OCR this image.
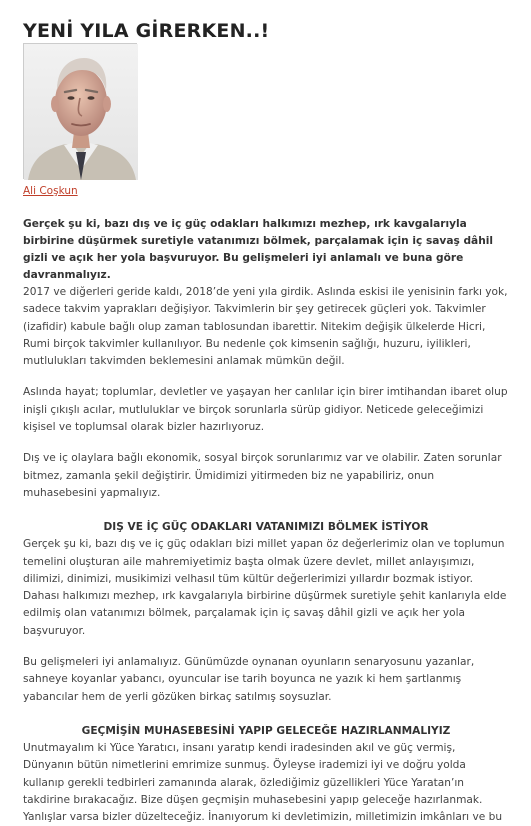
YENİ YILA GİRERKEN..!
Ali Coşkun

Gerçek şu ki, bazı dış ve iç güç odakları halkımızı mezhep, ırk kavgalarıyla birbirine düşürmek suretiyle vatanımızı bölmek, parçalamak için iç savaş dâhil gizli ve açık her yola başvuruyor. Bu gelişmeleri iyi anlamalı ve buna göre davranmalıyız.

2017 ve diğerleri geride kaldı, 2018’de yeni yıla girdik. Aslında eskisi ile yenisinin farkı yok, sadece takvim yaprakları değişiyor. Takvimlerin bir şey getirecek güçleri yok. Takvimler (izafidir) kabule bağlı olup zaman tablosundan ibarettir. Nitekim değişik ülkelerde Hicri, Rumi birçok takvimler kullanılıyor. Bu nedenle çok kimsenin sağlığı, huzuru, iyilikleri, mutlulukları takvimden beklemesini anlamak mümkün değil.

Aslında hayat; toplumlar, devletler ve yaşayan her canlılar için birer imtihandan ibaret olup inişli çıkışlı acılar, mutluluklar ve birçok sorunlarla sürüp gidiyor. Neticede geleceğimizi kişisel ve toplumsal olarak bizler hazırlıyoruz.

Dış ve iç olaylara bağlı ekonomik, sosyal birçok sorunlarımız var ve olabilir. Zaten sorunlar bitmez, zamanla şekil değiştirir. Ümidimizi yitirmeden biz ne yapabiliriz, onun muhasebesini yapmalıyız.

DIŞ VE İÇ GÜÇ ODAKLARI VATANIMIZI BÖLMEK İSTİYOR

Gerçek şu ki, bazı dış ve iç güç odakları bizi millet yapan öz değerlerimiz olan ve toplumun temelini oluşturan aile mahremiyetimiz başta olmak üzere devlet, millet anlayışımızı, dilimizi, dinimizi, musikimizi velhasıl tüm kültür değerlerimizi yıllardır bozmak istiyor. Dahası halkımızı mezhep, ırk kavgalarıyla birbirine düşürmek suretiyle şehit kanlarıyla elde edilmiş olan vatanımızı bölmek, parçalamak için iç savaş dâhil gizli ve açık her yola başvuruyor.

Bu gelişmeleri iyi anlamalıyız. Günümüzde oynanan oyunların senaryosunu yazanlar, sahneye koyanlar yabancı, oyuncular ise tarih boyunca ne yazık ki hem şartlanmış yabancılar hem de yerli gözüken birkaç satılmış soysuzlar.

GEÇMİŞİN MUHASEBESİNİ YAPIP GELECEĞE HAZIRLANMALIYIZ

Unutmayalım ki Yüce Yaratıcı, insanı yaratıp kendi iradesinden akıl ve güç vermiş, Dünyanın bütün nimetlerini emrimize sunmuş. Öyleyse irademizi iyi ve doğru yolda kullanıp gerekli tedbirleri zamanında alarak, özlediğimiz güzellikleri Yüce Yaratan’ın takdirine bırakacağız. Bize düşen geçmişin muhasebesini yapıp geleceğe hazırlanmak. Yanlışlar varsa bizler düzelteceğiz. İnanıyorum ki devletimizin, milletimizin imkânları ve bu
